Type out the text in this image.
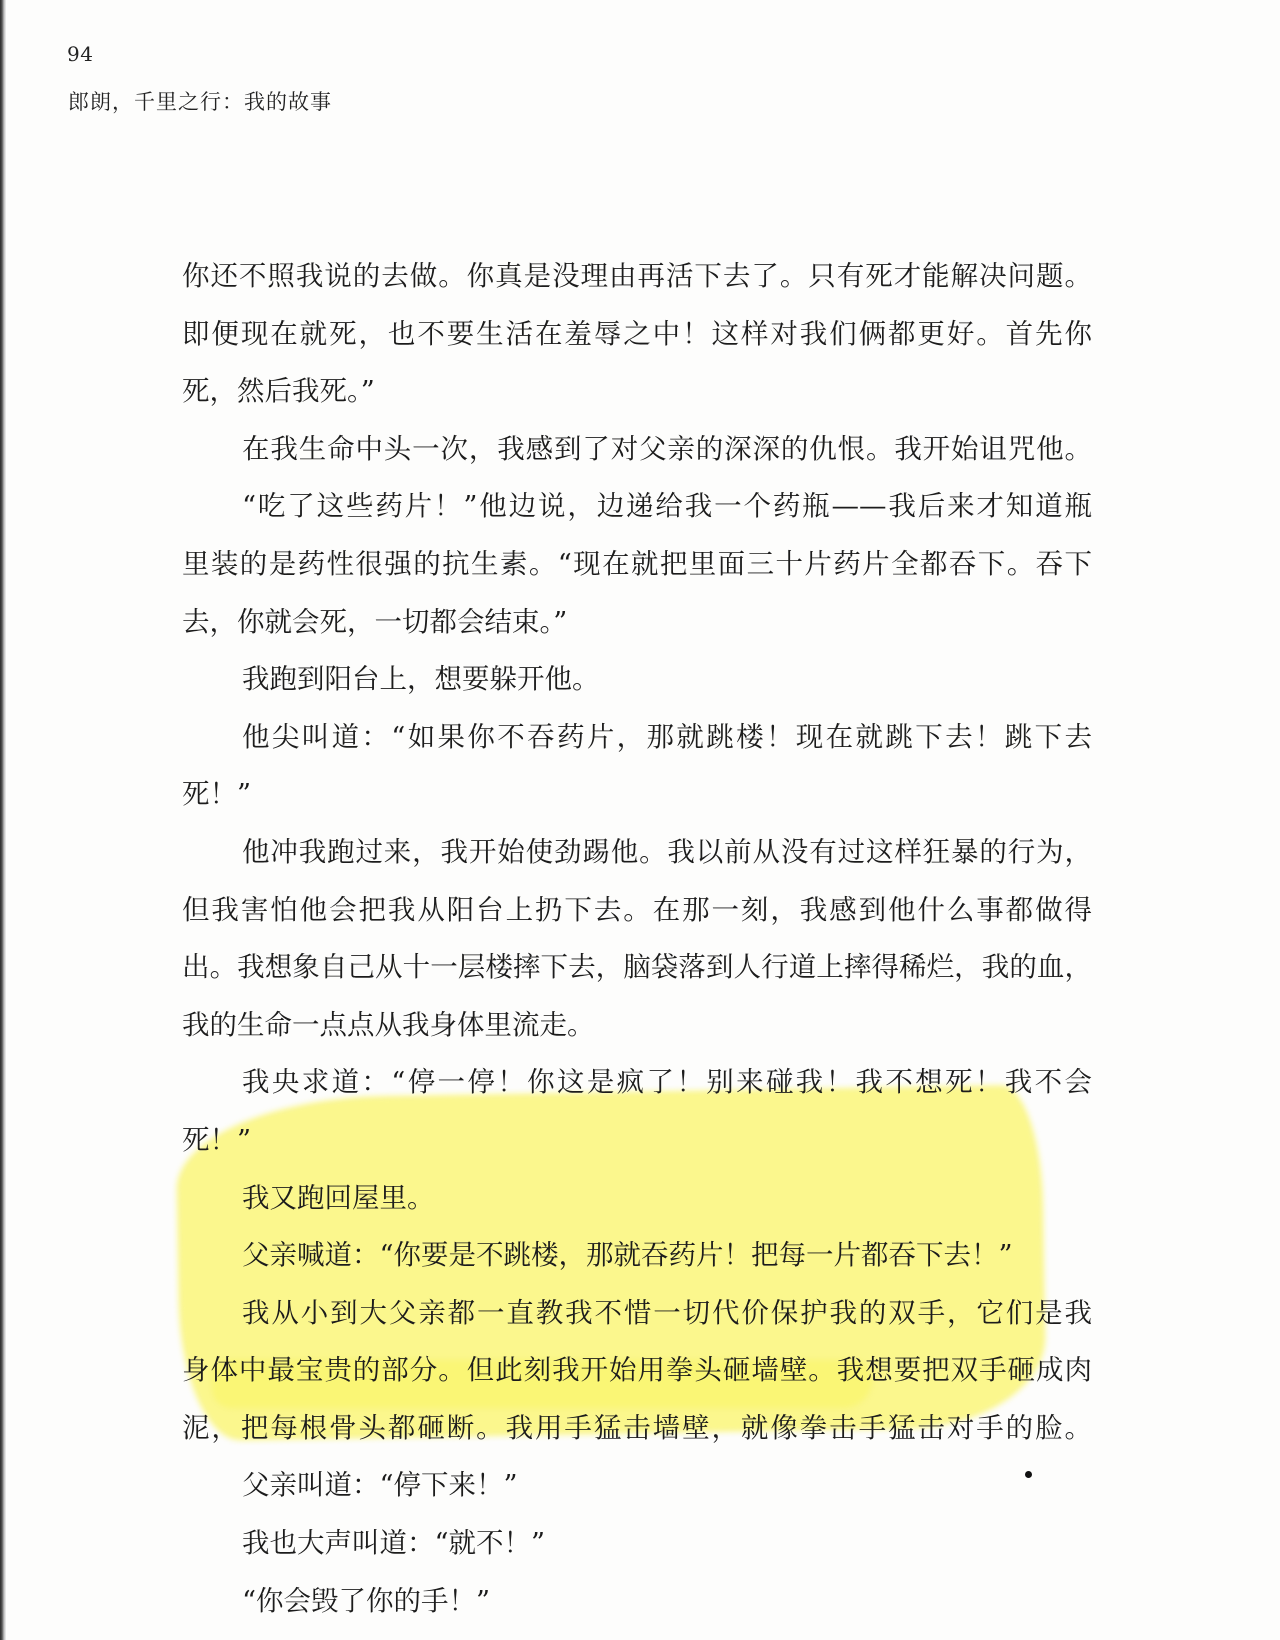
94
郎朗，千里之行：我的故事
你还不照我说的去做。你真是没理由再活下去了。只有死才能解决问题。
即便现在就死，也不要生活在羞辱之中！这样对我们俩都更好。首先你
死，然后我死。”
在我生命中头一次，我感到了对父亲的深深的仇恨。我开始诅咒他。
“吃了这些药片！”他边说，边递给我一个药瓶——我后来才知道瓶
里装的是药性很强的抗生素。“现在就把里面三十片药片全都吞下。吞下
去，你就会死，一切都会结束。”
我跑到阳台上，想要躲开他。
他尖叫道：“如果你不吞药片，那就跳楼！现在就跳下去！跳下去
死！”
他冲我跑过来，我开始使劲踢他。我以前从没有过这样狂暴的行为，
但我害怕他会把我从阳台上扔下去。在那一刻，我感到他什么事都做得
出。我想象自己从十一层楼摔下去，脑袋落到人行道上摔得稀烂，我的血，
我的生命一点点从我身体里流走。
我央求道：“停一停！你这是疯了！别来碰我！我不想死！我不会
死！”
我又跑回屋里。
父亲喊道：“你要是不跳楼，那就吞药片！把每一片都吞下去！”
我从小到大父亲都一直教我不惜一切代价保护我的双手，它们是我
身体中最宝贵的部分。但此刻我开始用拳头砸墙壁。我想要把双手砸成肉
泥，把每根骨头都砸断。我用手猛击墙壁，就像拳击手猛击对手的脸。
父亲叫道：“停下来！”
我也大声叫道：“就不！”
“你会毁了你的手！”
